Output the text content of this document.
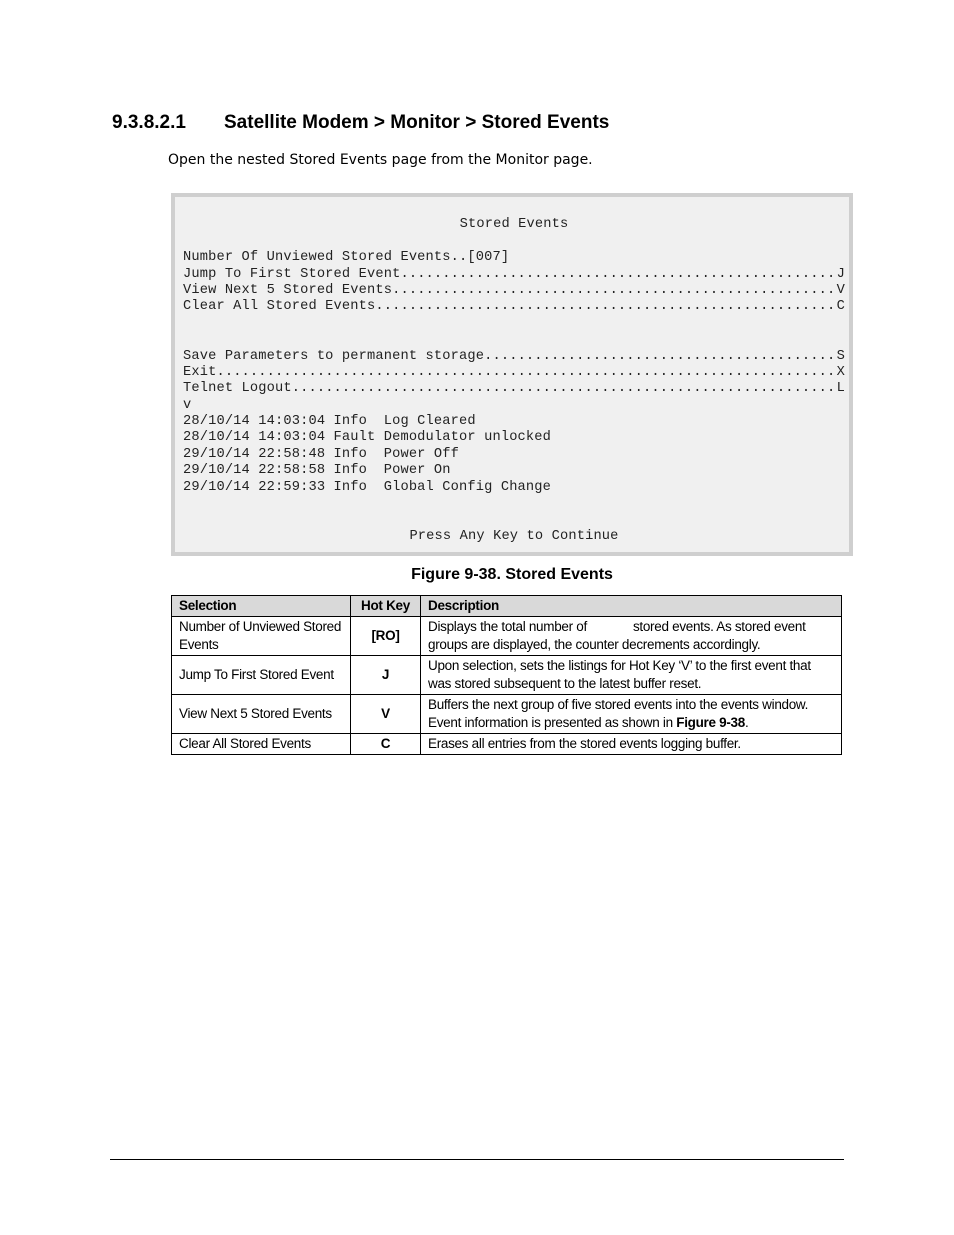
9.3.8.2.1	Satellite Modem > Monitor > Stored Events
Open the nested Stored Events page from the Monitor page.
Stored Events
Number Of Unviewed Stored Events..[007]
Jump To First Stored Event .....	J
View Next 5 Stored Events .....	V
Clear All Stored Events .....	C
Save Parameters to permanent storage .....	S
Exit .....	X
Telnet Logout .....	L
v
28/10/14 14:03:04 Info  Log Cleared
28/10/14 14:03:04 Fault Demodulator unlocked
29/10/14 22:58:48 Info  Power Off
29/10/14 22:58:58 Info  Power On
29/10/14 22:59:33 Info  Global Config Change
Press Any Key to Continue
Figure 9-38. Stored Events
Selection	Hot Key	Description
Number of Unviewed Stored Events	[RO]	Displays the total number of stored events. As stored event groups are displayed, the counter decrements accordingly.
Jump To First Stored Event	J	Upon selection, sets the listings for Hot Key ‘V’ to the first event that was stored subsequent to the latest buffer reset.
View Next 5 Stored Events	V	Buffers the next group of five stored events into the events window. Event information is presented as shown in Figure 9-38.
Clear All Stored Events	C	Erases all entries from the stored events logging buffer.
